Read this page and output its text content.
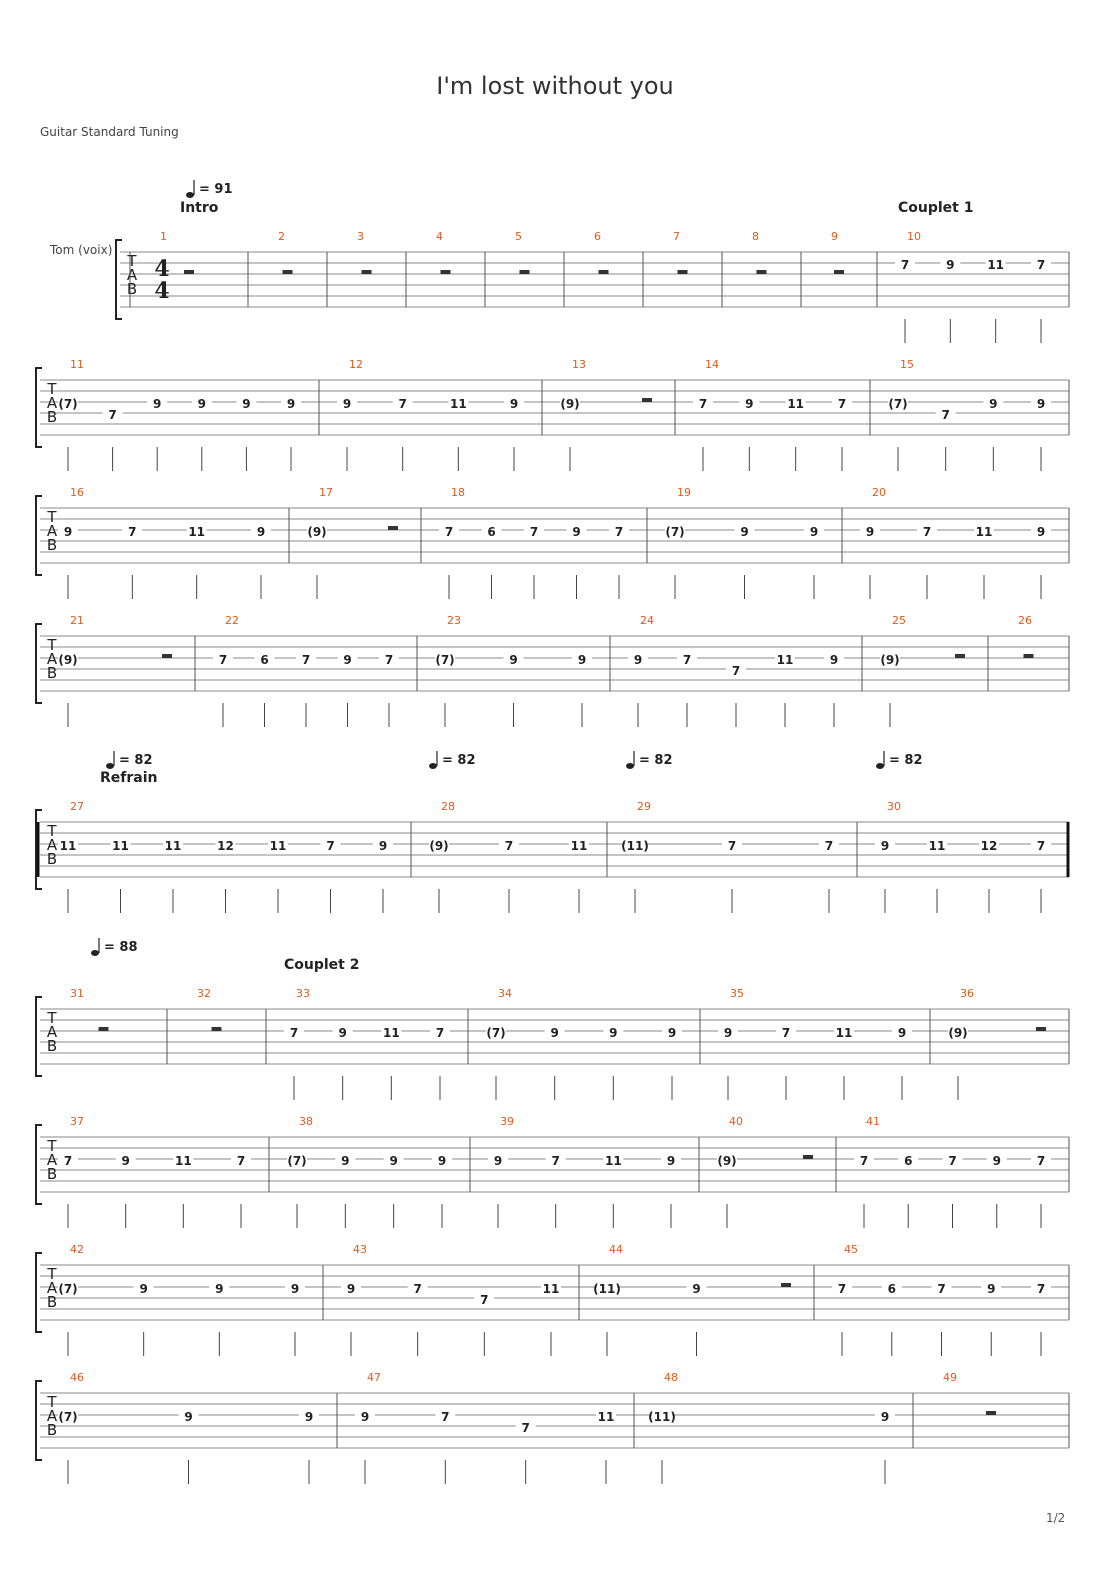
I'm lost without you
Guitar Standard Tuning
1/2
T
A
B
1	2	3	4	5	6	7	8	9	10
7	9	11	7
T
A
B
11
(7)
7
9	9	9	9
12
9	7	11	9
13
(9)
14
7	9	11	7
15
(7)
7
9	9
T
A
B
16
9	7	11	9
17
(9)
18
7	6	7	9	7
19
(7)	9	9
20
9	7	11	9
T
A
B
21
(9)
22
7	6	7	9	7
23
(7)	9	9
24
9	7
7
11	9
25
(9)
26
T
A
B
27
11	11	11	12	11	7	9
28
(9)	7	11
29
(11)	7	7
30
9	11	12	7
T
A
B
31	32	33
7	9	11	7
34
(7)	9	9	9
35
9	7	11	9
36
(9)
T
A
B
37
7	9	11	7
38
(7)	9	9	9
39
9	7	11	9
40
(9)
41
7	6	7	9	7
T
A
B
42
(7)	9	9	9
43
9	7
7
11
44
(11)	9
45
7	6	7	9	7
T
A
B
46
(7)	9	9
47
9	7
7
11
48
(11)	9
49
4
4
Tom (voix)
= 91
= 82	= 82	= 82	= 82
= 88
Intro	Couplet 1
Refrain
Couplet 2
